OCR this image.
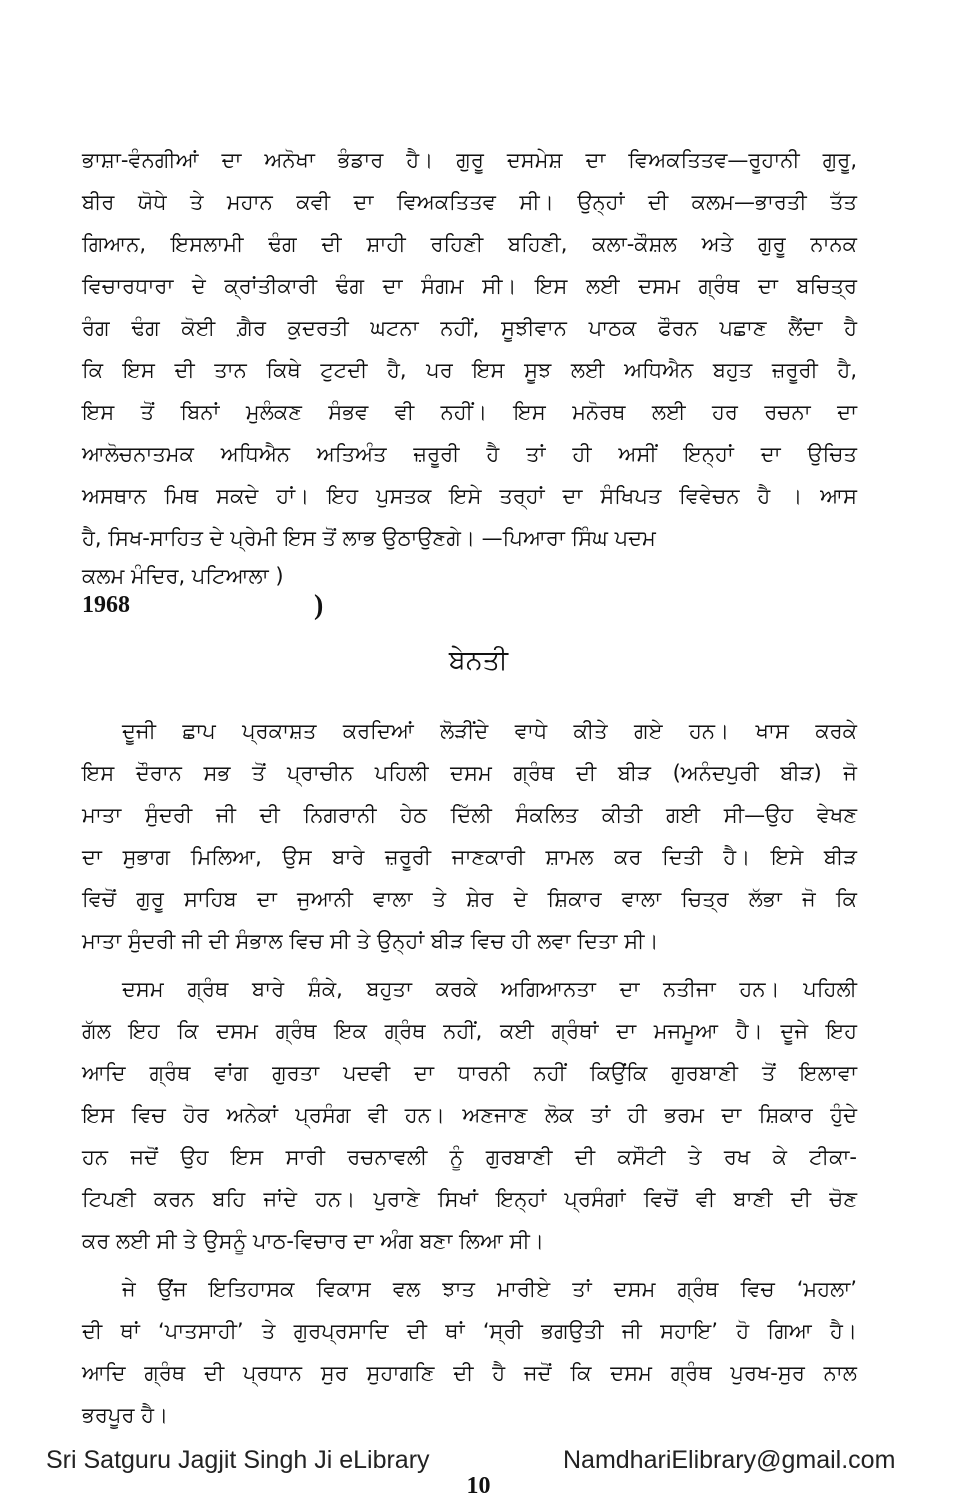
ਭਾਸ਼ਾ-ਵੰਨਗੀਆਂ ਦਾ ਅਨੋਖਾ ਭੰਡਾਰ ਹੈ। ਗੁਰੂ ਦਸਮੇਸ਼ ਦਾ ਵਿਅਕਤਿਤਵ—ਰੂਹਾਨੀ ਗੁਰੂ,
ਬੀਰ ਯੋਧੇ ਤੇ ਮਹਾਨ ਕਵੀ ਦਾ ਵਿਅਕਤਿਤਵ ਸੀ। ਉਨ੍ਹਾਂ ਦੀ ਕਲਮ—ਭਾਰਤੀ ਤੱਤ
ਗਿਆਨ, ਇਸਲਾਮੀ ਢੰਗ ਦੀ ਸ਼ਾਹੀ ਰਹਿਣੀ ਬਹਿਣੀ, ਕਲਾ-ਕੌਸ਼ਲ ਅਤੇ ਗੁਰੂ ਨਾਨਕ
ਵਿਚਾਰਧਾਰਾ ਦੇ ਕ੍ਰਾਂਤੀਕਾਰੀ ਢੰਗ ਦਾ ਸੰਗਮ ਸੀ। ਇਸ ਲਈ ਦਸਮ ਗ੍ਰੰਥ ਦਾ ਬਚਿਤ੍ਰ
ਰੰਗ ਢੰਗ ਕੋਈ ਗ਼ੈਰ ਕੁਦਰਤੀ ਘਟਨਾ ਨਹੀਂ, ਸੂਝੀਵਾਨ ਪਾਠਕ ਫੌਰਨ ਪਛਾਣ ਲੈਂਦਾ ਹੈ
ਕਿ ਇਸ ਦੀ ਤਾਨ ਕਿਥੇ ਟੁਟਦੀ ਹੈ, ਪਰ ਇਸ ਸੂਝ ਲਈ ਅਧਿਐਨ ਬਹੁਤ ਜ਼ਰੂਰੀ ਹੈ,
ਇਸ ਤੋਂ ਬਿਨਾਂ ਮੁਲੰਕਣ ਸੰਭਵ ਵੀ ਨਹੀਂ। ਇਸ ਮਨੋਰਥ ਲਈ ਹਰ ਰਚਨਾ ਦਾ
ਆਲੋਚਨਾਤਮਕ ਅਧਿਐਨ ਅਤਿਅੰਤ ਜ਼ਰੂਰੀ ਹੈ ਤਾਂ ਹੀ ਅਸੀਂ ਇਨ੍ਹਾਂ ਦਾ ਉਚਿਤ
ਅਸਥਾਨ ਮਿਥ ਸਕਦੇ ਹਾਂ। ਇਹ ਪੁਸਤਕ ਇਸੇ ਤਰ੍ਹਾਂ ਦਾ ਸੰਖਿਪਤ ਵਿਵੇਚਨ ਹੈ । ਆਸ
ਹੈ, ਸਿਖ-ਸਾਹਿਤ ਦੇ ਪ੍ਰੇਮੀ ਇਸ ਤੋਂ ਲਾਭ ਉਠਾਉਣਗੇ। —ਪਿਆਰਾ ਸਿੰਘ ਪਦਮ
ਕਲਮ ਮੰਦਿਰ, ਪਟਿਆਲਾ )
1968	)
ਬੇਨਤੀ
ਦੂਜੀ ਛਾਪ ਪ੍ਰਕਾਸ਼ਤ ਕਰਦਿਆਂ ਲੋੜੀਂਦੇ ਵਾਧੇ ਕੀਤੇ ਗਏ ਹਨ। ਖਾਸ ਕਰਕੇ
ਇਸ ਦੌਰਾਨ ਸਭ ਤੋਂ ਪ੍ਰਾਚੀਨ ਪਹਿਲੀ ਦਸਮ ਗ੍ਰੰਥ ਦੀ ਬੀੜ (ਅਨੰਦਪੁਰੀ ਬੀੜ) ਜੋ
ਮਾਤਾ ਸੁੰਦਰੀ ਜੀ ਦੀ ਨਿਗਰਾਨੀ ਹੇਠ ਦਿੱਲੀ ਸੰਕਲਿਤ ਕੀਤੀ ਗਈ ਸੀ—ਉਹ ਵੇਖਣ
ਦਾ ਸੁਭਾਗ ਮਿਲਿਆ, ਉਸ ਬਾਰੇ ਜ਼ਰੂਰੀ ਜਾਣਕਾਰੀ ਸ਼ਾਮਲ ਕਰ ਦਿਤੀ ਹੈ। ਇਸੇ ਬੀੜ
ਵਿਚੋਂ ਗੁਰੂ ਸਾਹਿਬ ਦਾ ਜੁਆਨੀ ਵਾਲਾ ਤੇ ਸ਼ੇਰ ਦੇ ਸ਼ਿਕਾਰ ਵਾਲਾ ਚਿਤ੍ਰ ਲੱਭਾ ਜੋ ਕਿ
ਮਾਤਾ ਸੁੰਦਰੀ ਜੀ ਦੀ ਸੰਭਾਲ ਵਿਚ ਸੀ ਤੇ ਉਨ੍ਹਾਂ ਬੀੜ ਵਿਚ ਹੀ ਲਵਾ ਦਿਤਾ ਸੀ।
ਦਸਮ ਗ੍ਰੰਥ ਬਾਰੇ ਸ਼ੰਕੇ, ਬਹੁਤਾ ਕਰਕੇ ਅਗਿਆਨਤਾ ਦਾ ਨਤੀਜਾ ਹਨ। ਪਹਿਲੀ
ਗੱਲ ਇਹ ਕਿ ਦਸਮ ਗ੍ਰੰਥ ਇਕ ਗ੍ਰੰਥ ਨਹੀਂ, ਕਈ ਗ੍ਰੰਥਾਂ ਦਾ ਮਜਮੂਆ ਹੈ। ਦੂਜੇ ਇਹ
ਆਦਿ ਗ੍ਰੰਥ ਵਾਂਗ ਗੁਰਤਾ ਪਦਵੀ ਦਾ ਧਾਰਨੀ ਨਹੀਂ ਕਿਉਂਕਿ ਗੁਰਬਾਣੀ ਤੋਂ ਇਲਾਵਾ
ਇਸ ਵਿਚ ਹੋਰ ਅਨੇਕਾਂ ਪ੍ਰਸੰਗ ਵੀ ਹਨ। ਅਣਜਾਣ ਲੋਕ ਤਾਂ ਹੀ ਭਰਮ ਦਾ ਸ਼ਿਕਾਰ ਹੁੰਦੇ
ਹਨ ਜਦੋਂ ਉਹ ਇਸ ਸਾਰੀ ਰਚਨਾਵਲੀ ਨੂੰ ਗੁਰਬਾਣੀ ਦੀ ਕਸੌਟੀ ਤੇ ਰਖ ਕੇ ਟੀਕਾ-
ਟਿਪਣੀ ਕਰਨ ਬਹਿ ਜਾਂਦੇ ਹਨ। ਪੁਰਾਣੇ ਸਿਖਾਂ ਇਨ੍ਹਾਂ ਪ੍ਰਸੰਗਾਂ ਵਿਚੋਂ ਵੀ ਬਾਣੀ ਦੀ ਚੋਣ
ਕਰ ਲਈ ਸੀ ਤੇ ਉਸਨੂੰ ਪਾਠ-ਵਿਚਾਰ ਦਾ ਅੰਗ ਬਣਾ ਲਿਆ ਸੀ।
ਜੇ ਉਂਜ ਇਤਿਹਾਸਕ ਵਿਕਾਸ ਵਲ ਝਾਤ ਮਾਰੀਏ ਤਾਂ ਦਸਮ ਗ੍ਰੰਥ ਵਿਚ ‘ਮਹਲਾ’
ਦੀ ਥਾਂ ‘ਪਾਤਸਾਹੀ’ ਤੇ ਗੁਰਪ੍ਰਸਾਦਿ ਦੀ ਥਾਂ ‘ਸ੍ਰੀ ਭਗਉਤੀ ਜੀ ਸਹਾਇ’ ਹੋ ਗਿਆ ਹੈ।
ਆਦਿ ਗ੍ਰੰਥ ਦੀ ਪ੍ਰਧਾਨ ਸੁਰ ਸੁਹਾਗਣਿ ਦੀ ਹੈ ਜਦੋਂ ਕਿ ਦਸਮ ਗ੍ਰੰਥ ਪੁਰਖ-ਸੁਰ ਨਾਲ
ਭਰਪੂਰ ਹੈ।
Sri Satguru Jagjit Singh Ji eLibrary	NamdhariElibrary@gmail.com
10
